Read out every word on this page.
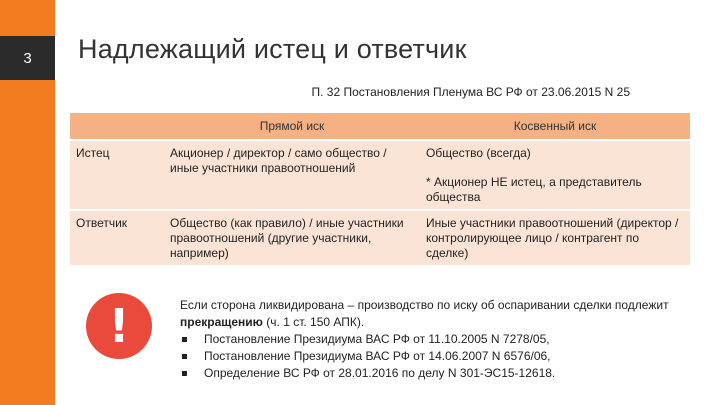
3	Надлежащий истец и ответчик
П. 32 Постановления Пленума ВС РФ от 23.06.2015 N 25
	Прямой иск	Косвенный иск
Истец	Акционер / директор / само общество / иные участники правоотношений	Общество (всегда)
* Акционер НЕ истец, а представитель общества

Ответчик	Общество (как правило) / иные участники правоотношений (другие участники, например)	Иные участники правоотношений (директор / контролирующее лицо / контрагент по сделке)
!	Если сторона ликвидирована – производство по иску об оспаривании сделки подлежит прекращению (ч. 1 ст. 150 АПК).
Постановление Президиума ВАС РФ от 11.10.2005 N 7278/05,
Постановление Президиума ВАС РФ от 14.06.2007 N 6576/06,
Определение ВС РФ от 28.01.2016 по делу N 301-ЭС15-12618.
